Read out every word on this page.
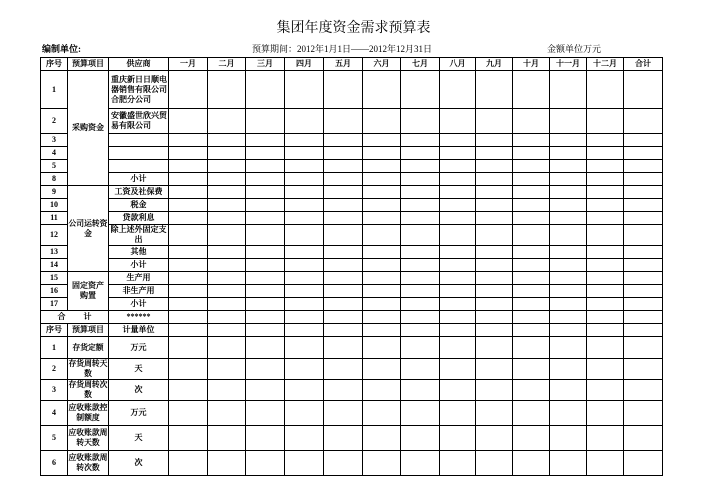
集团年度资金需求预算表
编制单位:	预算期间：2012年1月1日——2012年12月31日	金额单位万元
序号	预算项目	供应商	一月	二月	三月	四月	五月	六月	七月	八月	九月	十月	十一月	十二月	合计
1	采购资金	重庆新日日顺电器销售有限公司合肥分公司													
2		安徽盛世欣兴贸易有限公司													
3															
4															
5															
8		小计													
9	公司运转资金	工资及社保费													
10		税金													
11		贷款利息													
12		除上述外固定支出													
13		其他													
14		小计													
15	固定资产购置	生产用													
16		非生产用													
17		小计													
合 计		******													
序号	预算项目	计量单位													
1	存货定额	万元													
2	存货周转天数	天													
3	存货周转次数	次													
4	应收账款控制额度	万元													
5	应收账款周转天数	天													
6	应收账款周转次数	次													
